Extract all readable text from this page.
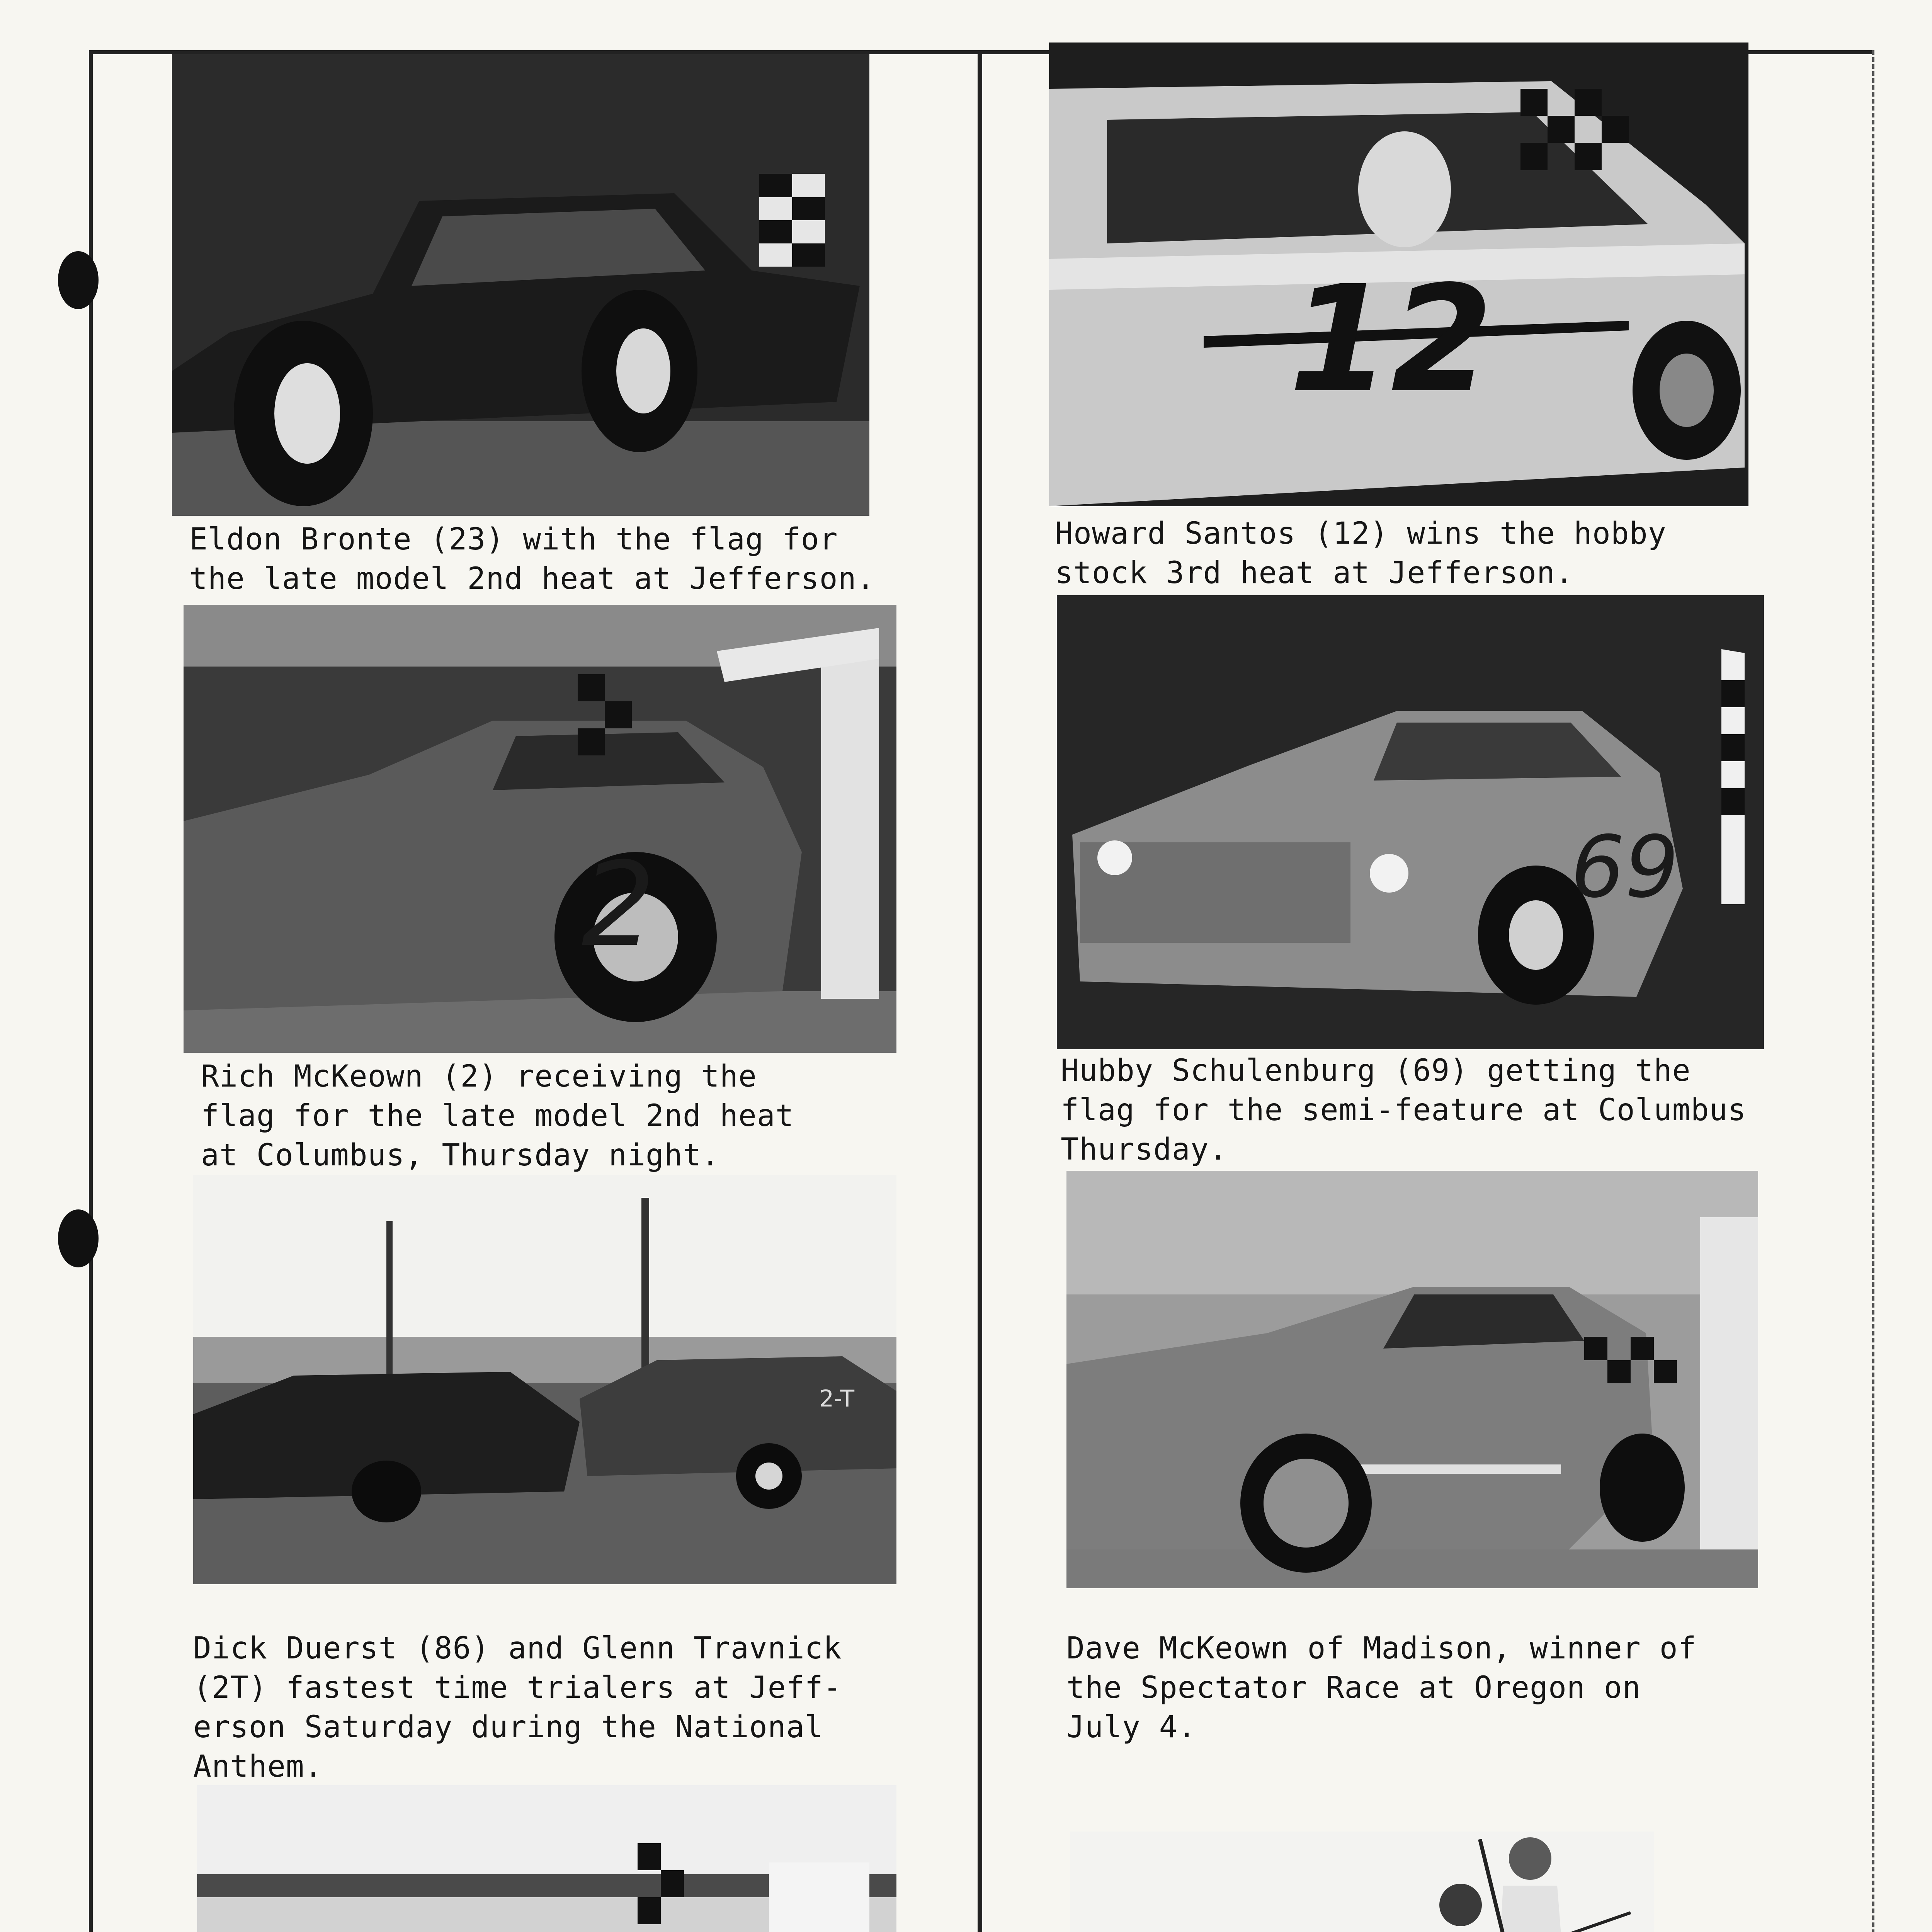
Eldon Bronte (23) with the flag for
the late model 2nd heat at Jefferson.
12
Howard Santos (12) wins the hobby
stock 3rd heat at Jefferson.
2
Rich McKeown (2) receiving the
flag for the late model 2nd heat
at Columbus, Thursday night.
69
Hubby Schulenburg (69) getting the
flag for the semi-feature at Columbus
Thursday.
2-T
Dick Duerst (86) and Glenn Travnick
(2T) fastest time trialers at Jeff-
erson Saturday during the National
Anthem.
Dave McKeown of Madison, winner of
the Spectator Race at Oregon on
July 4.
